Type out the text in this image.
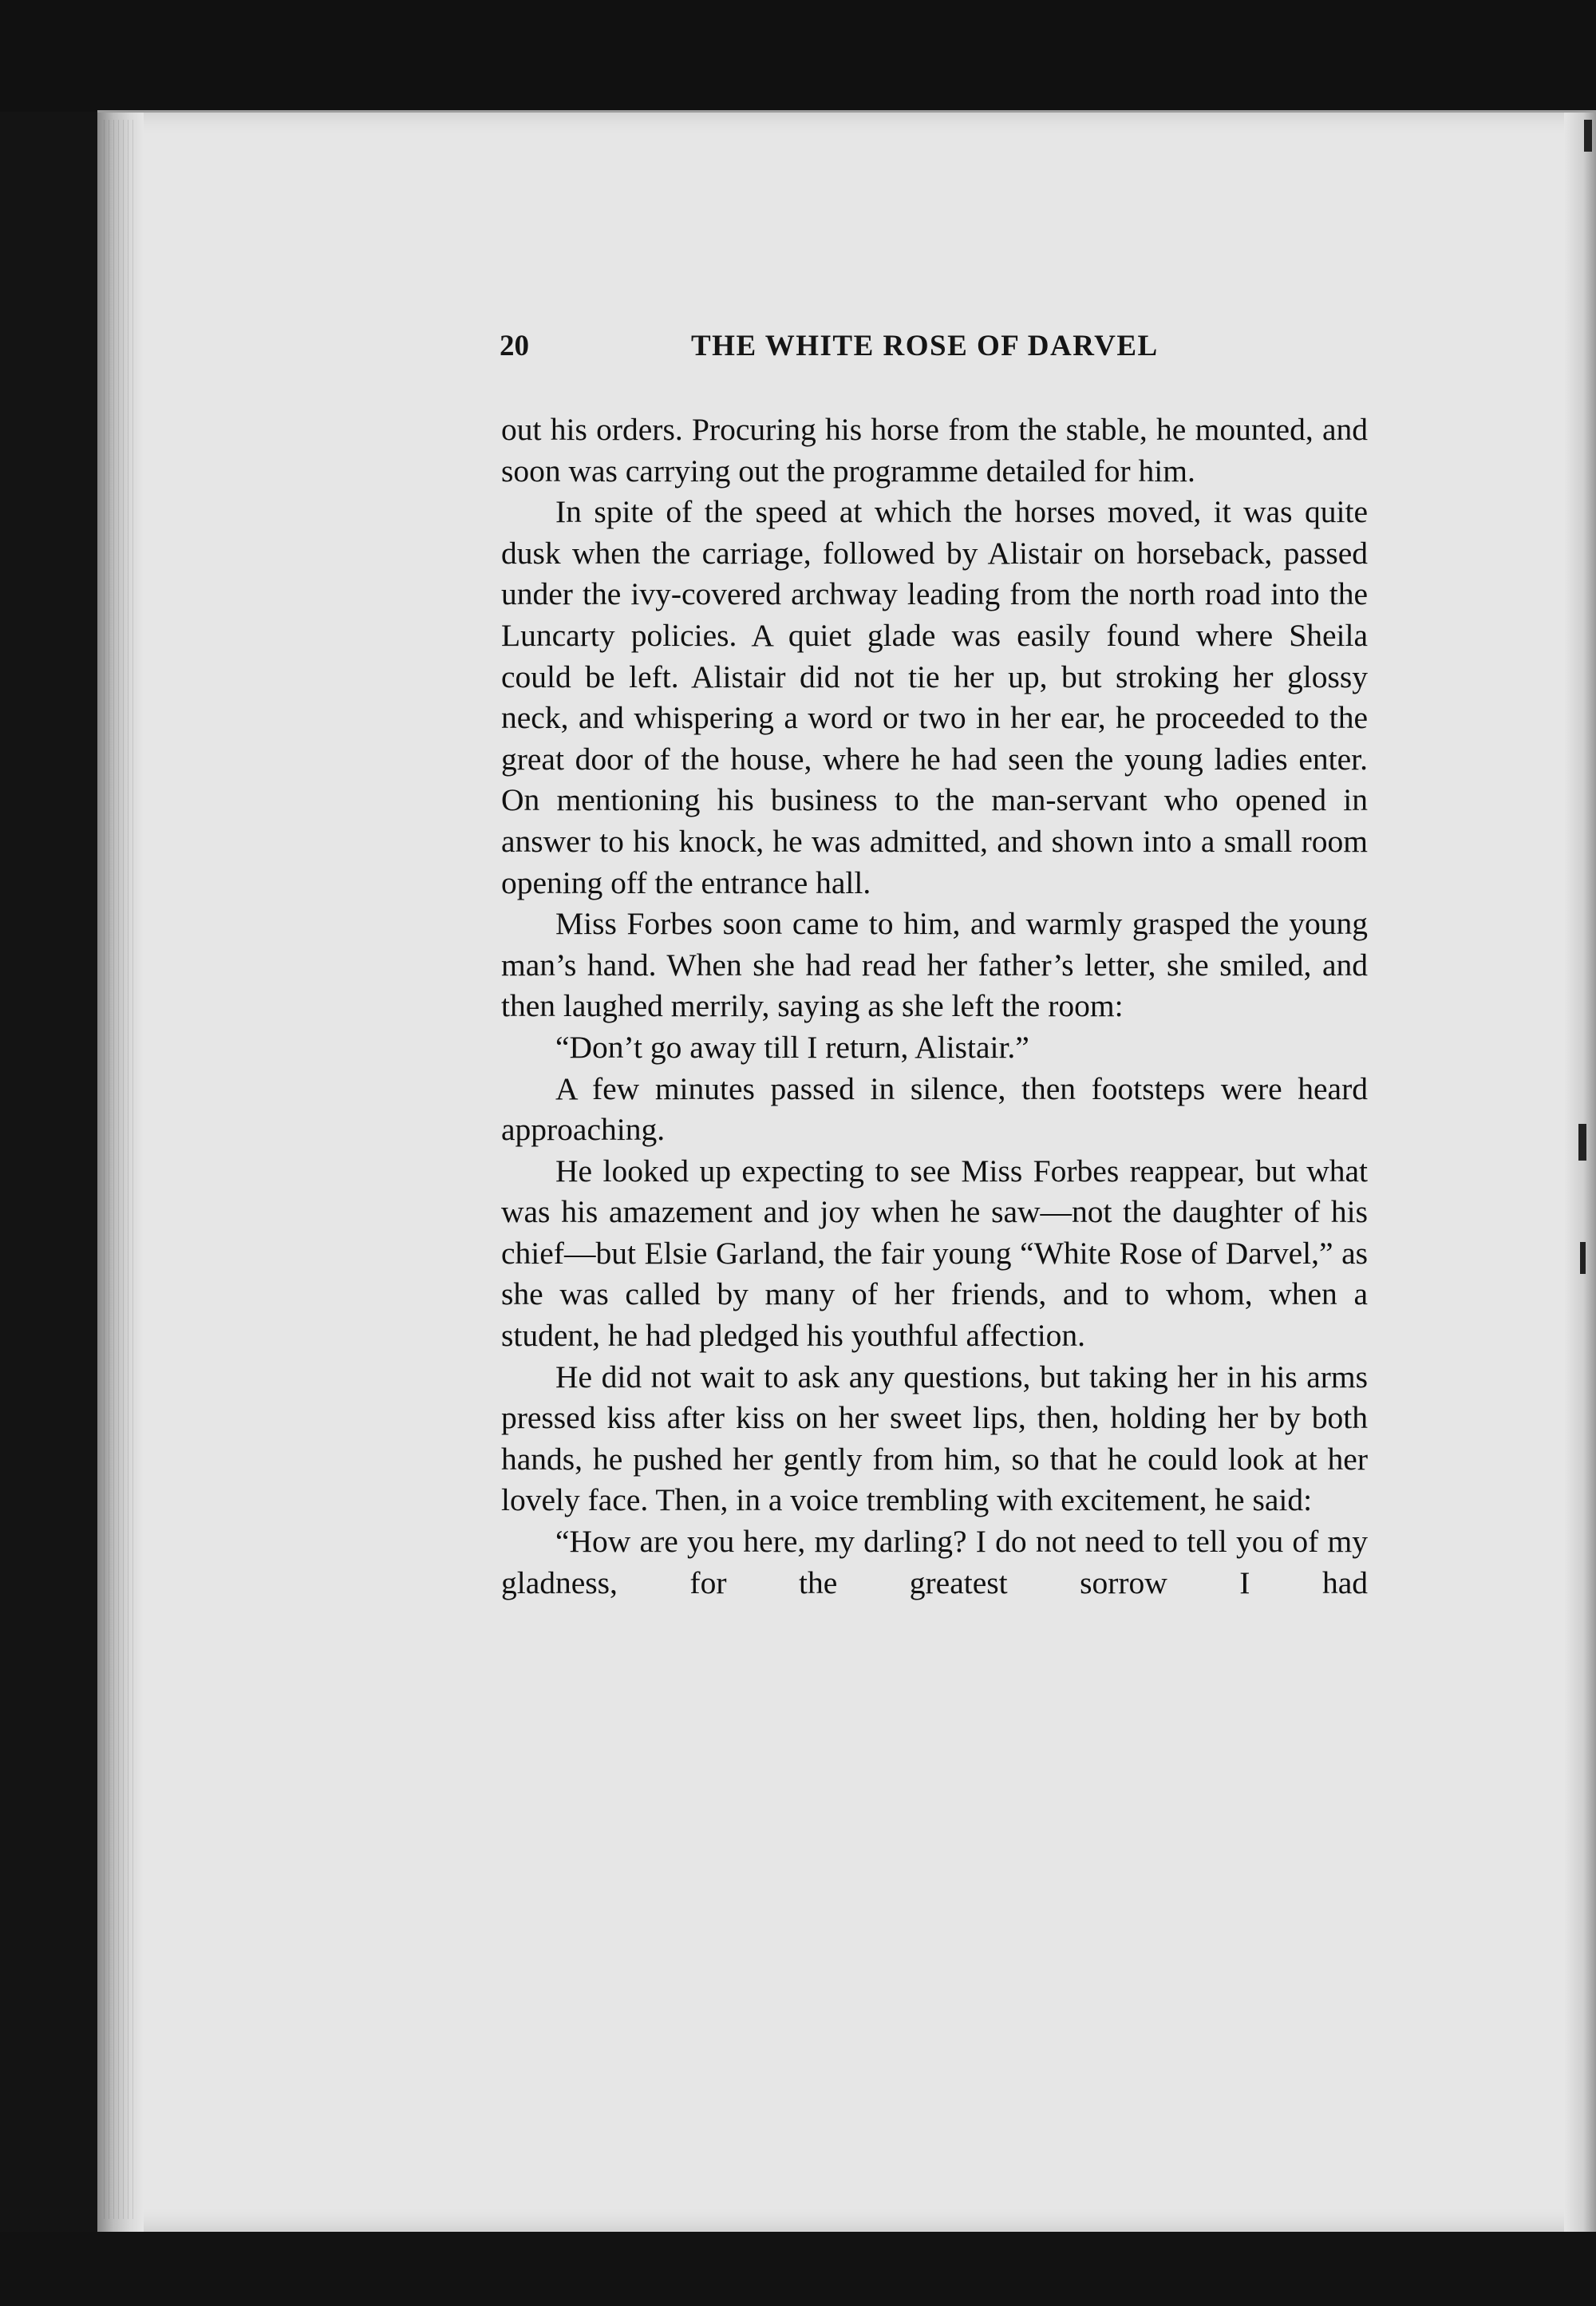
20	THE WHITE ROSE OF DARVEL

out his orders. Procuring his horse from the stable, he mounted, and soon was carrying out the programme detailed for him.

In spite of the speed at which the horses moved, it was quite dusk when the carriage, followed by Alistair on horseback, passed under the ivy-covered archway leading from the north road into the Luncarty policies. A quiet glade was easily found where Sheila could be left. Alistair did not tie her up, but stroking her glossy neck, and whispering a word or two in her ear, he proceeded to the great door of the house, where he had seen the young ladies enter. On mentioning his business to the man-servant who opened in answer to his knock, he was admitted, and shown into a small room opening off the entrance hall.

Miss Forbes soon came to him, and warmly grasped the young man’s hand. When she had read her father’s letter, she smiled, and then laughed merrily, saying as she left the room:

“Don’t go away till I return, Alistair.”

A few minutes passed in silence, then footsteps were heard approaching.

He looked up expecting to see Miss Forbes reappear, but what was his amazement and joy when he saw—not the daughter of his chief—but Elsie Garland, the fair young “White Rose of Darvel,” as she was called by many of her friends, and to whom, when a student, he had pledged his youthful affection.

He did not wait to ask any questions, but taking her in his arms pressed kiss after kiss on her sweet lips, then, holding her by both hands, he pushed her gently from him, so that he could look at her lovely face. Then, in a voice trembling with excitement, he said:

“How are you here, my darling? I do not need to tell you of my gladness, for the greatest sorrow I had
